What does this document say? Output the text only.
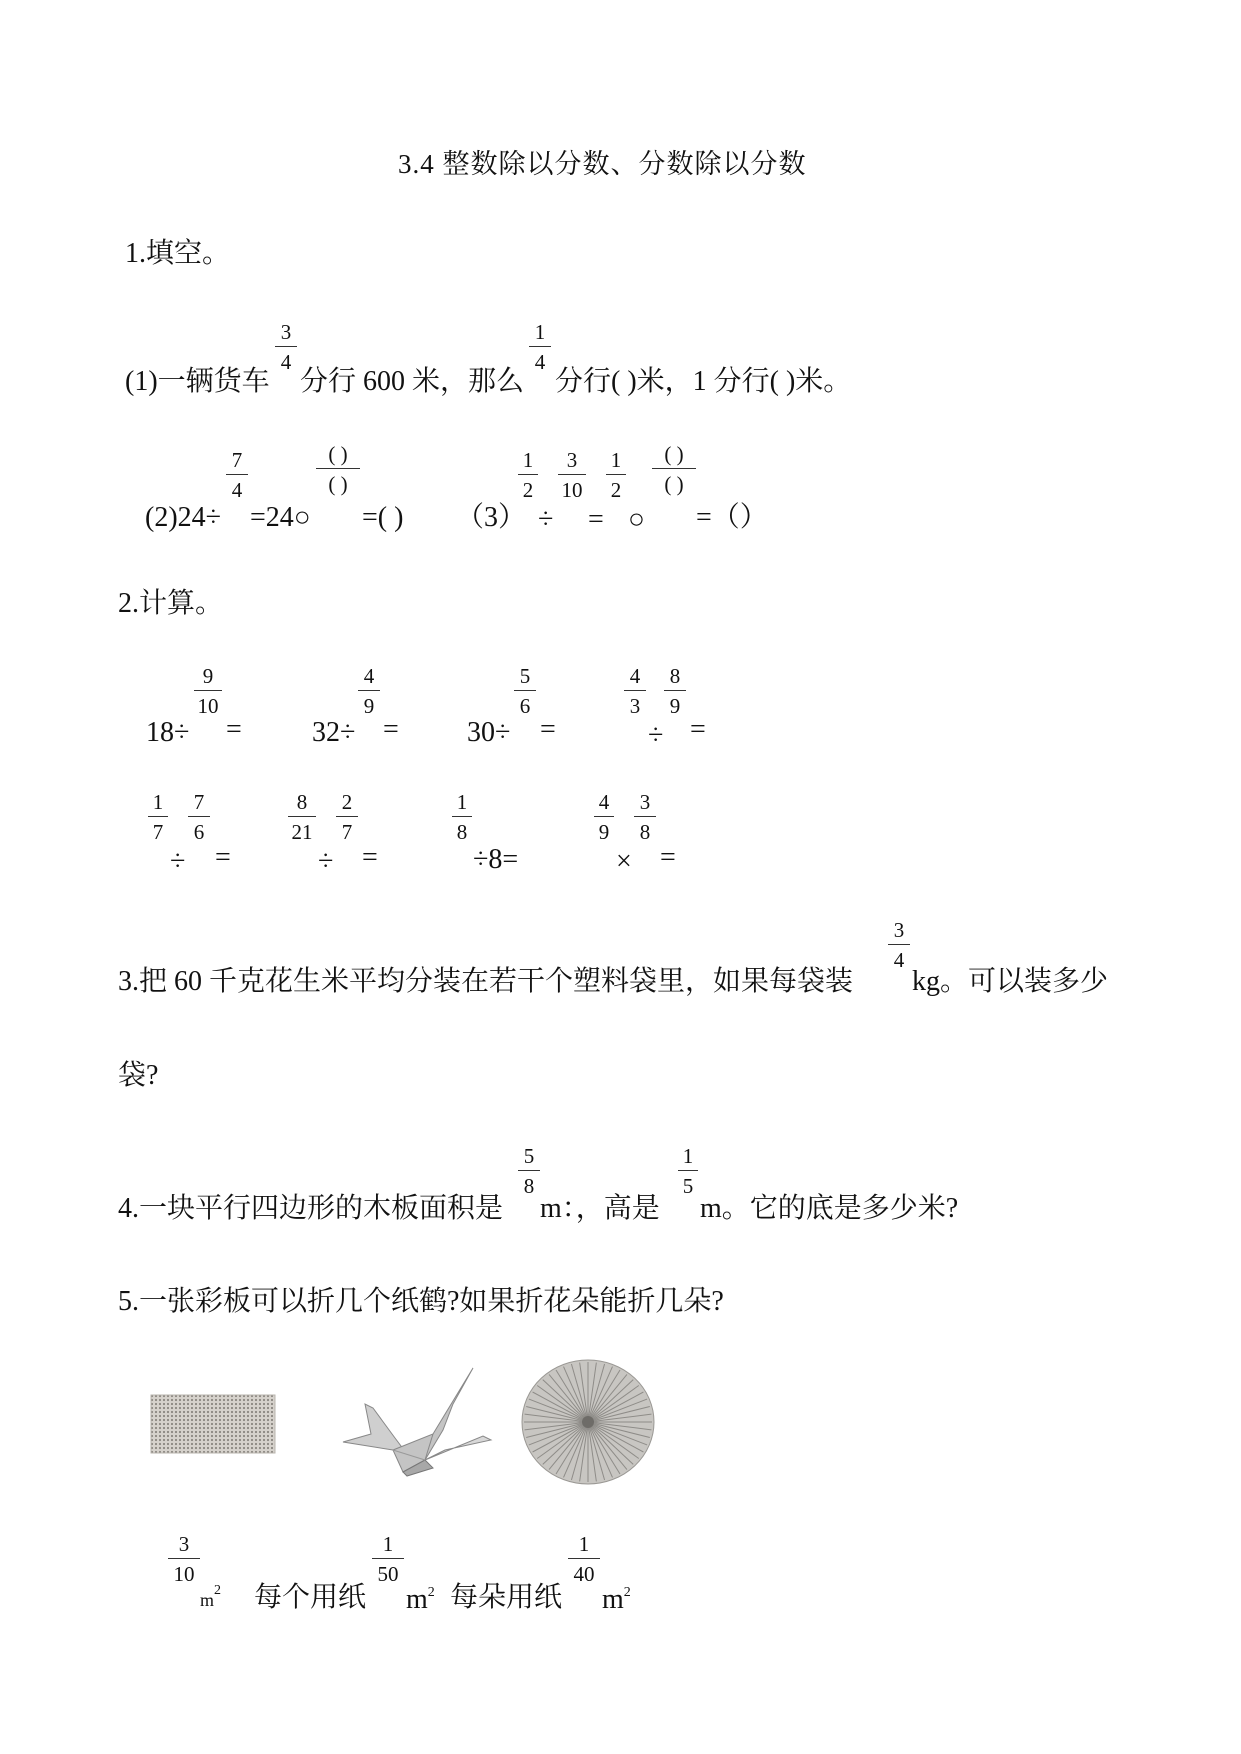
3.4 整数除以分数、分数除以分数
1.填空。
(1)一辆货车
3
4
分行 600 米，那么
1
4
分行( )米，1 分行( )米。
(2)24÷
7
4
=24○
( )
( )
=( ) （3）
1
2
÷
3
10
=
1
2
○
( )
( )
=（）
2.计算。
18÷
9
10
=	32÷
4
9
= 30÷
5
6
=
4
3
÷
8
9
=
1
7
÷
7
6
=
8
21
÷
2
7
=
1
8
÷8=
4
9
×
3
8
=
3.把 60 千克花生米平均分装在若干个塑料袋里，如果每袋装
3
4
kg。可以装多少
袋?
4.一块平行四边形的木板面积是
5
8
m：，高是
1
5
m。它的底是多少米?
5.一张彩板可以折几个纸鹤?如果折花朵能折几朵?
3
10
$m^2$ 每个用纸
1
50
$m^2$ 每朵用纸
1
40
$m^2$
